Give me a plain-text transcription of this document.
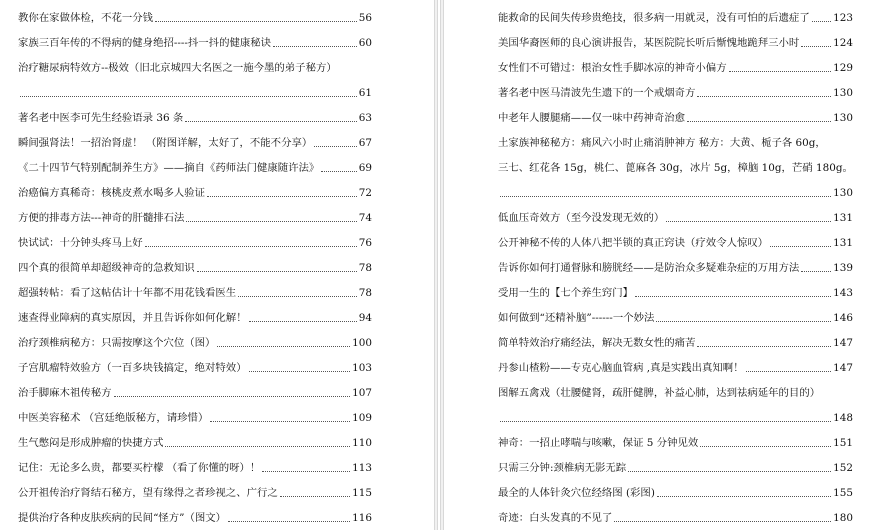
教你在家做体检，不花一分钱	56
家族三百年传的不得病的健身绝招----抖一抖的健康秘诀	60
治疗糖尿病特效方--极效（旧北京城四大名医之一施今墨的弟子秘方）
61
著名老中医李可先生经验语录 36 条	63
瞬间强肾法！一招治肾虚！ （附图详解，太好了，不能不分享）	67
《二十四节气特别配制养生方》——摘自《药师法门健康随许法》	69
治癌偏方真稀奇：核桃皮煮水喝多人验证	72
方便的排毒方法---神奇的肝髓排石法	74
快试试：十分钟头疼马上好	76
四个真的很简单却超级神奇的急救知识	78
超强转帖：看了这帖估计十年都不用花钱看医生	78
速查得业障病的真实原因，并且告诉你如何化解！	94
治疗颈椎病秘方：只需按摩这个穴位（图）	100
子宫肌瘤特效验方（一百多块钱搞定，绝对特效）	103
治手脚麻木祖传秘方	107
中医美容秘术 （宫廷绝版秘方，请珍惜）	109
生气憋闷是形成肿瘤的快捷方式	110
记住：无论多么贵，都要买柠檬 （看了你懂的呀）！	113
公开祖传治疗肾结石秘方，望有缘得之者珍视之、广行之	115
提供治疗各种皮肤疾病的民间“怪方”（图文）	116
能救命的民间失传珍贵绝技，很多病一用就灵，没有可怕的后遗症了 123
美国华裔医师的良心演讲报告，某医院院长听后惭愧地跪拜三小时	124
女性们不可错过：根治女性手脚冰凉的神奇小偏方	129
著名老中医马清波先生遗下的一个戒烟奇方	130
中老年人腰腿痛——仅一味中药神奇治愈	130
土家族神秘秘方：痛风六小时止痛消肿神方 秘方：大黄、栀子各 60g，
三七、红花各 15g，桃仁、蓖麻各 30g，冰片 5g，樟脑 10g，芒硝 180g。
130
低血压奇效方（至今没发现无效的）	131
公开神秘不传的人体八把半锁的真正窍诀（疗效令人惊叹）	131
告诉你如何打通督脉和膀胱经——是防治众多疑难杂症的万用方法	139
受用一生的【七个养生窍门】	143
如何做到“还精补脑”------一个妙法	146
简单特效治疗痛经法，解决无数女性的痛苦	147
丹参山楂粉——专克心脑血管病 ,真是实践出真知啊！	147
图解五禽戏（壮腰健肾，疏肝健脾，补益心肺，达到祛病延年的目的）
148
神奇：一招止哮喘与咳嗽，保证 5 分钟见效	151
只需三分钟:颈椎病无影无踪	152
最全的人体针灸穴位经络图 (彩图)	155
奇迹：白头发真的不见了	180
